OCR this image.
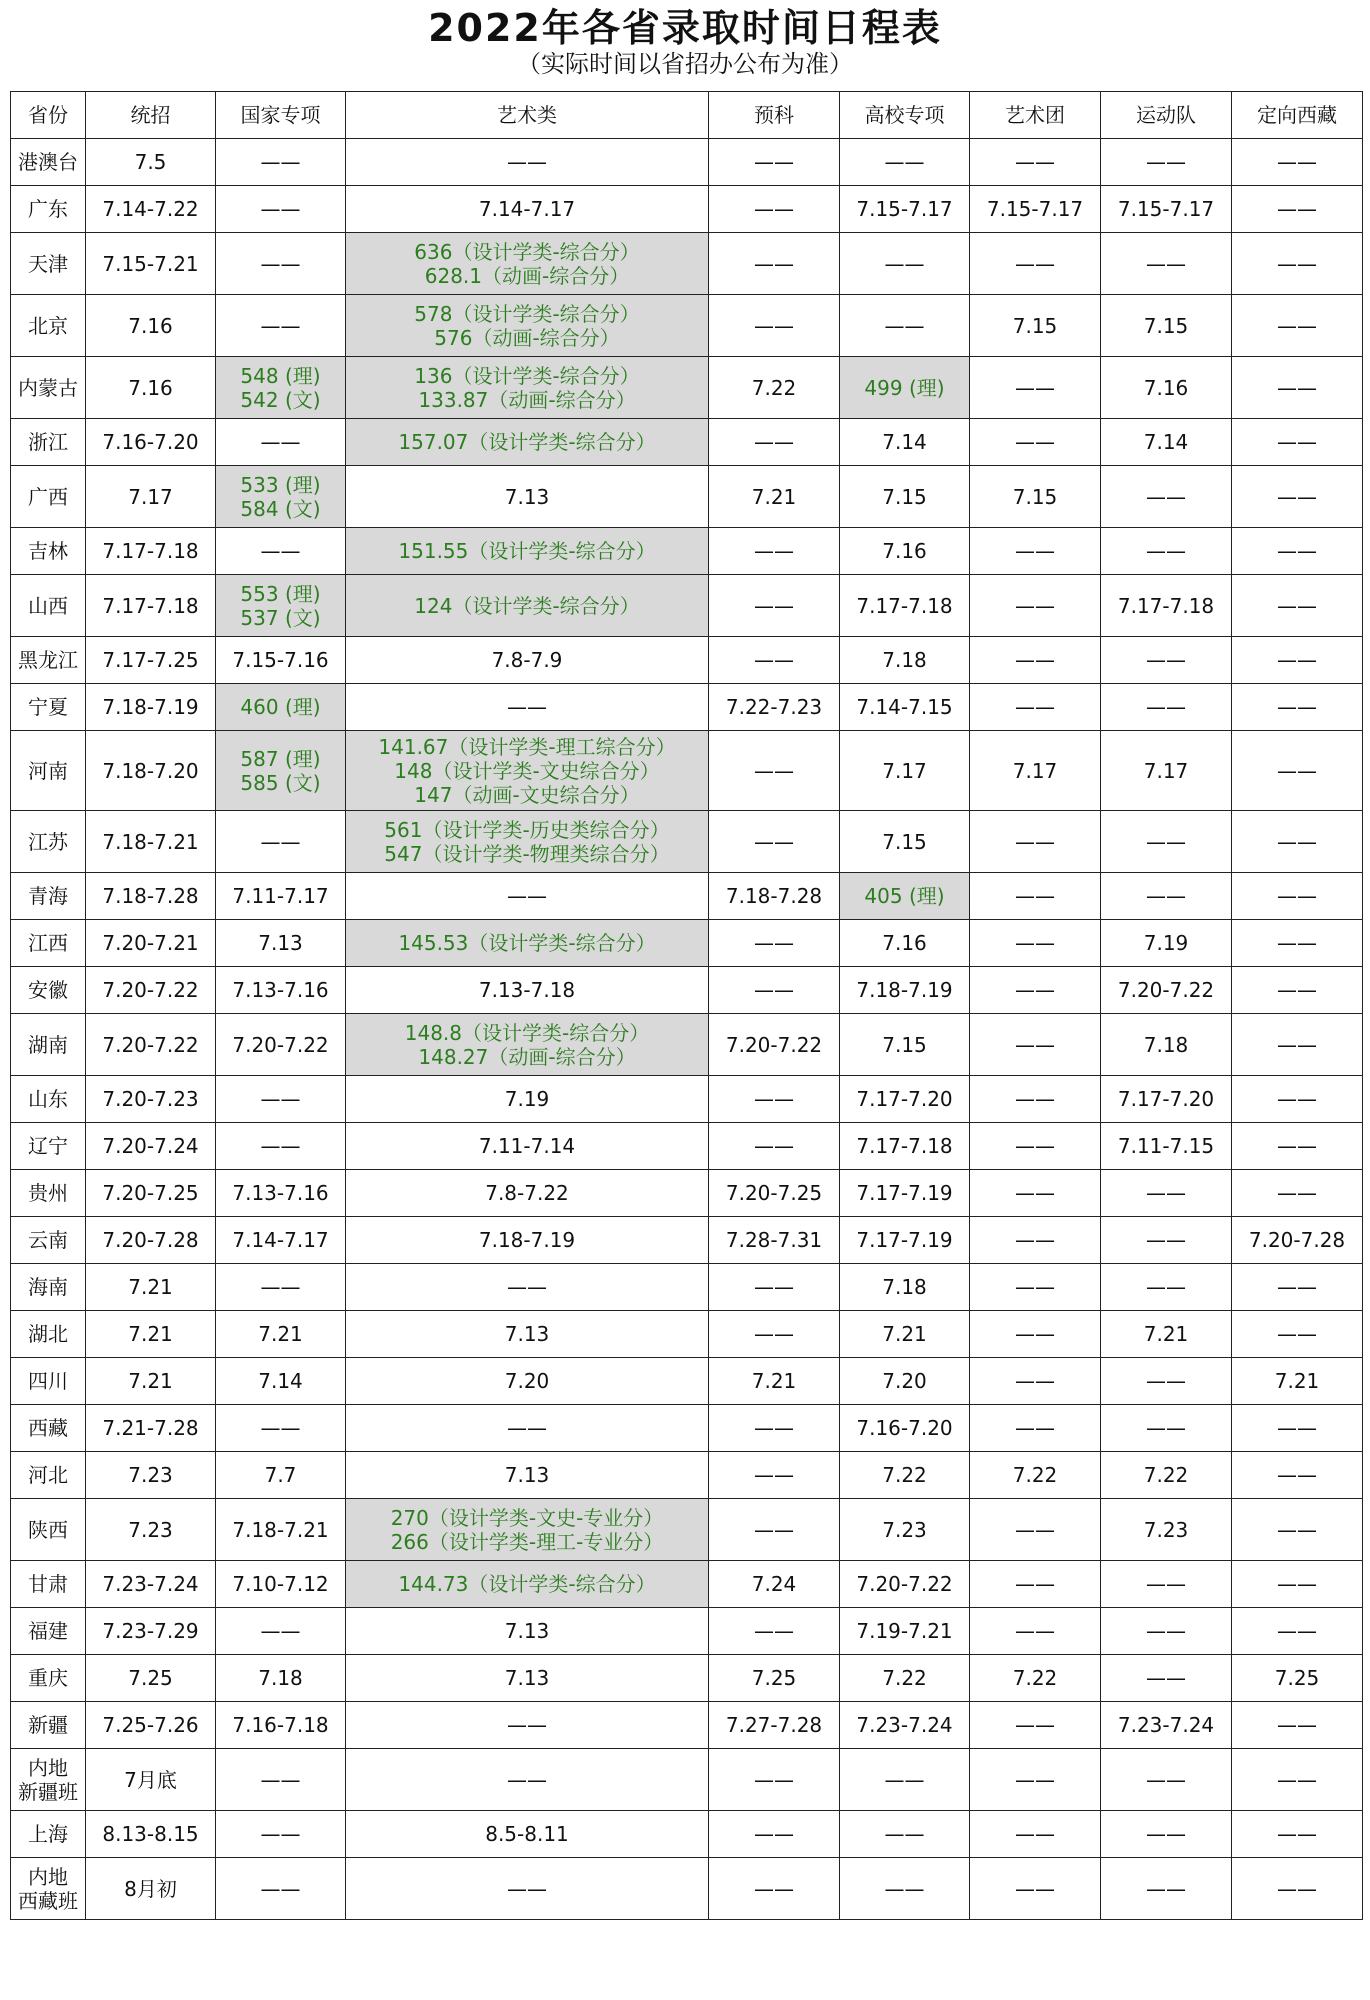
2022年各省录取时间日程表
（实际时间以省招办公布为准）
省份	统招	国家专项	艺术类	预科	高校专项	艺术团	运动队	定向西藏
港澳台	7.5	——	——	——	——	——	——	——
广东	7.14-7.22	——	7.14-7.17	——	7.15-7.17	7.15-7.17	7.15-7.17	——
天津	7.15-7.21	——	636（设计学类-综合分）
628.1（动画-综合分）	——	——	——	——	——
北京	7.16	——	578（设计学类-综合分）
576（动画-综合分）	——	——	7.15	7.15	——
内蒙古	7.16	548 (理)
542 (文)	136（设计学类-综合分）
133.87（动画-综合分）	7.22	499 (理)	——	7.16	——
浙江	7.16-7.20	——	157.07（设计学类-综合分）	——	7.14	——	7.14	——
广西	7.17	533 (理)
584 (文)	7.13	7.21	7.15	7.15	——	——
吉林	7.17-7.18	——	151.55（设计学类-综合分）	——	7.16	——	——	——
山西	7.17-7.18	553 (理)
537 (文)	124（设计学类-综合分）	——	7.17-7.18	——	7.17-7.18	——
黑龙江	7.17-7.25	7.15-7.16	7.8-7.9	——	7.18	——	——	——
宁夏	7.18-7.19	460 (理)	——	7.22-7.23	7.14-7.15	——	——	——
河南	7.18-7.20	587 (理)
585 (文)	141.67（设计学类-理工综合分）
148（设计学类-文史综合分）
147（动画-文史综合分）	——	7.17	7.17	7.17	——
江苏	7.18-7.21	——	561（设计学类-历史类综合分）
547（设计学类-物理类综合分）	——	7.15	——	——	——
青海	7.18-7.28	7.11-7.17	——	7.18-7.28	405 (理)	——	——	——
江西	7.20-7.21	7.13	145.53（设计学类-综合分）	——	7.16	——	7.19	——
安徽	7.20-7.22	7.13-7.16	7.13-7.18	——	7.18-7.19	——	7.20-7.22	——
湖南	7.20-7.22	7.20-7.22	148.8（设计学类-综合分）
148.27（动画-综合分）	7.20-7.22	7.15	——	7.18	——
山东	7.20-7.23	——	7.19	——	7.17-7.20	——	7.17-7.20	——
辽宁	7.20-7.24	——	7.11-7.14	——	7.17-7.18	——	7.11-7.15	——
贵州	7.20-7.25	7.13-7.16	7.8-7.22	7.20-7.25	7.17-7.19	——	——	——
云南	7.20-7.28	7.14-7.17	7.18-7.19	7.28-7.31	7.17-7.19	——	——	7.20-7.28
海南	7.21	——	——	——	7.18	——	——	——
湖北	7.21	7.21	7.13	——	7.21	——	7.21	——
四川	7.21	7.14	7.20	7.21	7.20	——	——	7.21
西藏	7.21-7.28	——	——	——	7.16-7.20	——	——	——
河北	7.23	7.7	7.13	——	7.22	7.22	7.22	——
陕西	7.23	7.18-7.21	270（设计学类-文史-专业分）
266（设计学类-理工-专业分）	——	7.23	——	7.23	——
甘肃	7.23-7.24	7.10-7.12	144.73（设计学类-综合分）	7.24	7.20-7.22	——	——	——
福建	7.23-7.29	——	7.13	——	7.19-7.21	——	——	——
重庆	7.25	7.18	7.13	7.25	7.22	7.22	——	7.25
新疆	7.25-7.26	7.16-7.18	——	7.27-7.28	7.23-7.24	——	7.23-7.24	——
内地
新疆班	7月底	——	——	——	——	——	——	——
上海	8.13-8.15	——	8.5-8.11	——	——	——	——	——
内地
西藏班	8月初	——	——	——	——	——	——	——
